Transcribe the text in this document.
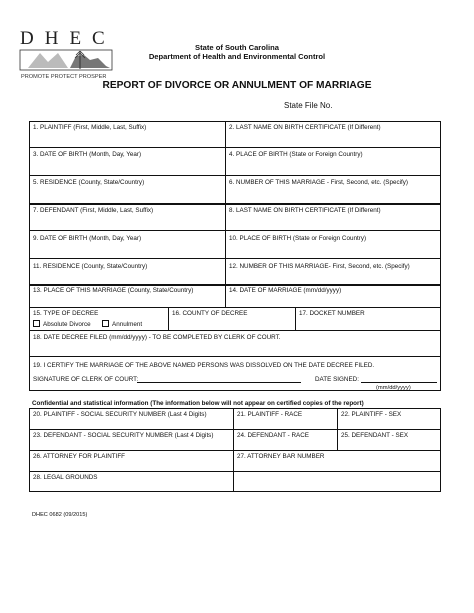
DHEC
PROMOTE PROTECT PROSPER
State of South Carolina
Department of Health and Environmental Control
REPORT OF DIVORCE OR ANNULMENT OF MARRIAGE
State File No.
1. PLAINTIFF (First, Middle, Last, Suffix)	2. LAST NAME ON BIRTH CERTIFICATE (If Different)
3. DATE OF BIRTH (Month, Day, Year)	4. PLACE OF BIRTH (State or Foreign Country)
5. RESIDENCE (County, State/Country)	6. NUMBER OF THIS MARRIAGE - First, Second, etc. (Specify)
7. DEFENDANT (First, Middle, Last, Suffix)	8. LAST NAME ON BIRTH CERTIFICATE (If Different)
9. DATE OF BIRTH (Month, Day, Year)	10. PLACE OF BIRTH (State or Foreign Country)
11. RESIDENCE (County, State/Country)	12. NUMBER OF THIS MARRIAGE- First, Second, etc. (Specify)
13. PLACE OF THIS MARRIAGE (County, State/Country)	14. DATE OF MARRIAGE (mm/dd/yyyy)
15. TYPE OF DECREE
Absolute Divorce	Annulment
16. COUNTY OF DECREE	17. DOCKET NUMBER
18. DATE DECREE FILED (mm/dd/yyyy) - TO BE COMPLETED BY CLERK OF COURT.
19. I CERTIFY THE MARRIAGE OF THE ABOVE NAMED PERSONS WAS DISSOLVED ON THE DATE DECREE FILED.
SIGNATURE OF CLERK OF COURT:	DATE SIGNED:
(mm/dd/yyyy)
Confidential and statistical information (The information below will not appear on certified copies of the report)
20. PLAINTIFF - SOCIAL SECURITY NUMBER (Last 4 Digits)	21. PLAINTIFF - RACE	22. PLAINTIFF - SEX
23. DEFENDANT - SOCIAL SECURITY NUMBER (Last 4 Digits)	24. DEFENDANT - RACE	25. DEFENDANT - SEX
26. ATTORNEY FOR PLAINTIFF	27. ATTORNEY BAR NUMBER
28. LEGAL GROUNDS
DHEC 0682 (09/2015)
